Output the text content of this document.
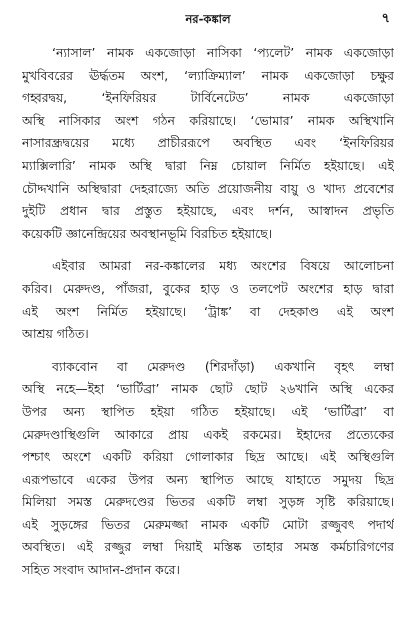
নর-কঙ্কাল	৭
‘ন্যাসাল’ নামক একজোড়া নাসিকা ‘প্যলেট’ নামক একজোড়া
মুখবিবরের ঊর্দ্ধতম অংশ, ‘ল্যাক্রিম্যাল’ নামক একজোড়া চক্ষুর
গহ্বরদ্বয়, ‘ইনফিরিয়র টার্বিনেটেড’ নামক একজোড়া
অস্থি নাসিকার অংশ গঠন করিয়াছে। ‘ভোমার’ নামক অস্থিখানি
নাসারন্ধ্রদ্বয়ের মধ্যে প্রাচীররূপে অবস্থিত এবং ‘ইনফিরিয়র
ম্যাক্সিলারি’ নামক অস্থি দ্বারা নিম্ন চোয়াল নির্মিত হইয়াছে। এই
চৌদ্দখানি অস্থিদ্বারা দেহরাজ্যে অতি প্রয়োজনীয় বায়ু ও খাদ্য প্রবেশের
দুইটি প্রধান দ্বার প্রস্তুত হইয়াছে, এবং দর্শন, আস্বাদন প্রভৃতি
কয়েকটি জ্ঞানেন্দ্রিয়ের অবস্থানভূমি বিরচিত হইয়াছে।
এইবার আমরা নর-কঙ্কালের মধ্য অংশের বিষয়ে আলোচনা
করিব। মেরুদণ্ড, পাঁজরা, বুকের হাড় ও তলপেট অংশের হাড় দ্বারা
এই অংশ নির্মিত হইয়াছে। ‘ট্রাঙ্ক’ বা দেহকাণ্ড এই অংশ
আশ্রয় গঠিত।
ব্যাকবোন বা মেরুদণ্ড (শিরদাঁড়া) একখানি বৃহৎ লম্বা
অস্থি নহে—ইহা ‘ভার্টিব্রা’ নামক ছোট ছোট ২৬খানি অস্থি একের
উপর অন্য স্থাপিত হইয়া গঠিত হইয়াছে। এই ‘ভার্টিব্রা’ বা
মেরুদণ্ডাস্থিগুলি আকারে প্রায় একই রকমের। ইহাদের প্রত্যেকের
পশ্চাৎ অংশে একটি করিয়া গোলাকার ছিদ্র আছে। এই অস্থিগুলি
এরূপভাবে একের উপর অন্য স্থাপিত আছে যাহাতে সমুদয় ছিদ্র
মিলিয়া সমস্ত মেরুদণ্ডের ভিতর একটি লম্বা সুড়ঙ্গ সৃষ্টি করিয়াছে।
এই সুড়ঙ্গের ভিতর মেরুমজ্জা নামক একটি মোটা রজ্জুবৎ পদার্থ
অবস্থিত। এই রজ্জুর লম্বা দিয়াই মস্তিষ্ক তাহার সমস্ত কর্মচারিগণের
সহিত সংবাদ আদান-প্রদান করে।
